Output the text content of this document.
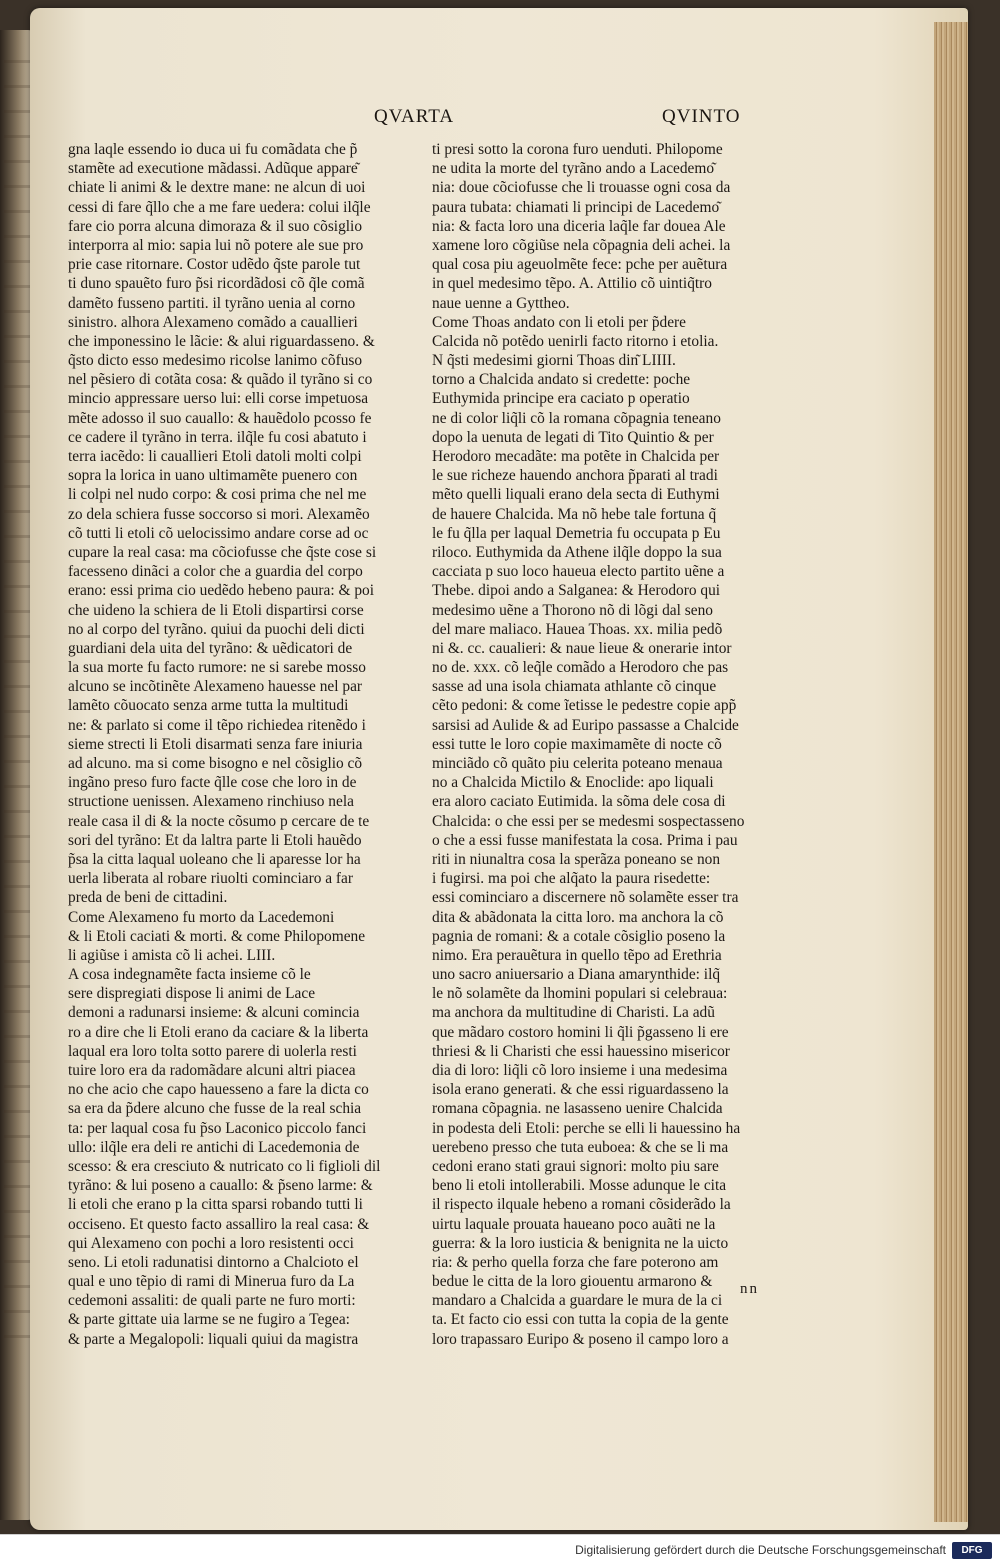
QVARTA	QVINTO
gna laqle essendo io duca ui fu comãdata che p̃
stamẽte ad executione mãdassi. Adũque appare͂
chiate li animi & le dextre mane: ne alcun di uoi
cessi di fare q̃llo che a me fare uedera: colui ilq̃le
fare cio porra alcuna dimoraza & il suo cõsiglio
interporra al mio: sapia lui nõ potere ale sue pro
prie case ritornare. Costor udẽdo q̃ste parole tut
ti duno spauẽto furo p̃si ricordãdosi cõ q̃le comã
damẽto fusseno partiti. il tyrãno uenia al corno
sinistro. alhora Alexameno comãdo a cauallieri
che imponessino le lãcie: & alui riguardasseno. &
q̃sto dicto esso medesimo ricolse lanimo cõfuso
nel pẽsiero di cotãta cosa: & quãdo il tyrãno si co
mincio appressare uerso lui: elli corse impetuosa
mẽte adosso il suo cauallo: & hauẽdolo pcosso fe
ce cadere il tyrãno in terra. ilq̃le fu cosi abatuto i
terra iacẽdo: li cauallieri Etoli datoli molti colpi
sopra la lorica in uano ultimamẽte puenero con
li colpi nel nudo corpo: & cosi prima che nel me
zo dela schiera fusse soccorso si mori. Alexamẽo
cõ tutti li etoli cõ uelocissimo andare corse ad oc
cupare la real casa: ma cõciofusse che q̃ste cose si
facesseno dinãci a color che a guardia del corpo
erano: essi prima cio uedẽdo hebeno paura: & poi
che uideno la schiera de li Etoli dispartirsi corse
no al corpo del tyrãno. quiui da puochi deli dicti
guardiani dela uita del tyrãno: & uẽdicatori de
la sua morte fu facto rumore: ne si sarebe mosso
alcuno se incõtinẽte Alexameno hauesse nel par
lamẽto cõuocato senza arme tutta la multitudi
ne: & parlato si come il tẽpo richiedea ritenẽdo i
sieme strecti li Etoli disarmati senza fare iniuria
ad alcuno. ma si come bisogno e nel cõsiglio cõ
ingãno preso furo facte q̃lle cose che loro in de
structione uenissen. Alexameno rinchiuso nela
reale casa il di & la nocte cõsumo p cercare de te
sori del tyrãno: Et da laltra parte li Etoli hauẽdo
p̃sa la citta laqual uoleano che li aparesse lor ha
uerla liberata al robare riuolti cominciaro a far
preda de beni de cittadini.
Come Alexameno fu morto da Lacedemoni
& li Etoli caciati & morti. & come Philopomene
li agiũse i amista cõ li achei. LIII.
A cosa indegnamẽte facta insieme cõ le
sere dispregiati dispose li animi de Lace
demoni a radunarsi insieme: & alcuni comincia
ro a dire che li Etoli erano da caciare & la liberta
laqual era loro tolta sotto parere di uolerla resti
tuire loro era da radomãdare alcuni altri piacea
no che acio che capo hauesseno a fare la dicta co
sa era da p̃dere alcuno che fusse de la real schia
ta: per laqual cosa fu p̃so Laconico piccolo fanci
ullo: ilq̃le era deli re antichi di Lacedemonia de
scesso: & era cresciuto & nutricato co li figlioli dil
tyrãno: & lui poseno a cauallo: & p̃seno larme: &
li etoli che erano p la citta sparsi robando tutti li
occiseno. Et questo facto assalliro la real casa: &
qui Alexameno con pochi a loro resistenti occi
seno. Li etoli radunatisi dintorno a Chalcioto el
qual e uno tẽpio di rami di Minerua furo da La
cedemoni assaliti: de quali parte ne furo morti:
& parte gittate uia larme se ne fugiro a Tegea:
& parte a Megalopoli: liquali quiui da magistra
ti presi sotto la corona furo uenduti. Philopome
ne udita la morte del tyrãno ando a Lacedemo͂
nia: doue cõciofusse che li trouasse ogni cosa da
paura tubata: chiamati li principi de Lacedemo͂
nia: & facta loro una diceria laq̃le far douea Ale
xamene loro cõgiũse nela cõpagnia deli achei. la
qual cosa piu ageuolmẽte fece: pche per auẽtura
in quel medesimo tẽpo. A. Attilio cõ uintiq̃tro
naue uenne a Gyttheo.
Come Thoas andato con li etoli per p̃dere
Calcida nõ potẽdo uenirli facto ritorno i etolia.
N q̃sti medesimi giorni Thoas din͂ LIIII.
torno a Chalcida andato si credette: poche
Euthymida principe era caciato p operatio
ne di color liq̃li cõ la romana cõpagnia teneano
dopo la uenuta de legati di Tito Quintio & per
Herodoro mecadãte: ma potẽte in Chalcida per
le sue richeze hauendo anchora p̃parati al tradi
mẽto quelli liquali erano dela secta di Euthymi
de hauere Chalcida. Ma nõ hebe tale fortuna q̃
le fu q̃lla per laqual Demetria fu occupata p Eu
riloco. Euthymida da Athene ilq̃le doppo la sua
cacciata p suo loco haueua electo partito uẽne a
Thebe. dipoi ando a Salganea: & Herodoro qui
medesimo uẽne a Thorono nõ di lõgi dal seno
del mare maliaco. Hauea Thoas. xx. milia pedõ
ni &. cc. caualieri: & naue lieue & onerarie intor
no de. xxx. cõ leq̃le comãdo a Herodoro che pas
sasse ad una isola chiamata athlante cõ cinque
cẽto pedoni: & come ĩetisse le pedestre copie app̃
sarsisi ad Aulide & ad Euripo passasse a Chalcide
essi tutte le loro copie maximamẽte di nocte cõ
minciãdo cõ quãto piu celerita poteano menaua
no a Chalcida Mictilo & Enoclide: apo liquali
era aloro caciato Eutimida. la sõma dele cosa di
Chalcida: o che essi per se medesmi sospectasseno
o che a essi fusse manifestata la cosa. Prima i pau
riti in niunaltra cosa la sperãza poneano se non
i fugirsi. ma poi che alq̃ato la paura risedette:
essi cominciaro a discernere nõ solamẽte esser tra
dita & abãdonata la citta loro. ma anchora la cõ
pagnia de romani: & a cotale cõsiglio poseno la
nimo. Era perauẽtura in quello tẽpo ad Erethria
uno sacro aniuersario a Diana amarynthide: ilq̃
le nõ solamẽte da lhomini populari si celebraua:
ma anchora da multitudine di Charisti. La adũ
que mãdaro costoro homini li q̃li p̃gasseno li ere
thriesi & li Charisti che essi hauessino misericor
dia di loro: liq̃li cõ loro insieme i una medesima
isola erano generati. & che essi riguardasseno la
romana cõpagnia. ne lasasseno uenire Chalcida
in podesta deli Etoli: perche se elli li hauessino ha
uerebeno presso che tuta euboea: & che se li ma
cedoni erano stati graui signori: molto piu sare
beno li etoli intollerabili. Mosse adunque le cita
il rispecto ilquale hebeno a romani cõsiderãdo la
uirtu laquale prouata haueano poco auãti ne la
guerra: & la loro iusticia & benignita ne la uicto
ria: & perho quella forza che fare poterono am
bedue le citta de la loro giouentu armarono &
mandaro a Chalcida a guardare le mura de la ci
ta. Et facto cio essi con tutta la copia de la gente
loro trapassaro Euripo & poseno il campo loro a
nn
Digitalisierung gefördert durch die Deutsche Forschungsgemeinschaft	DFG
